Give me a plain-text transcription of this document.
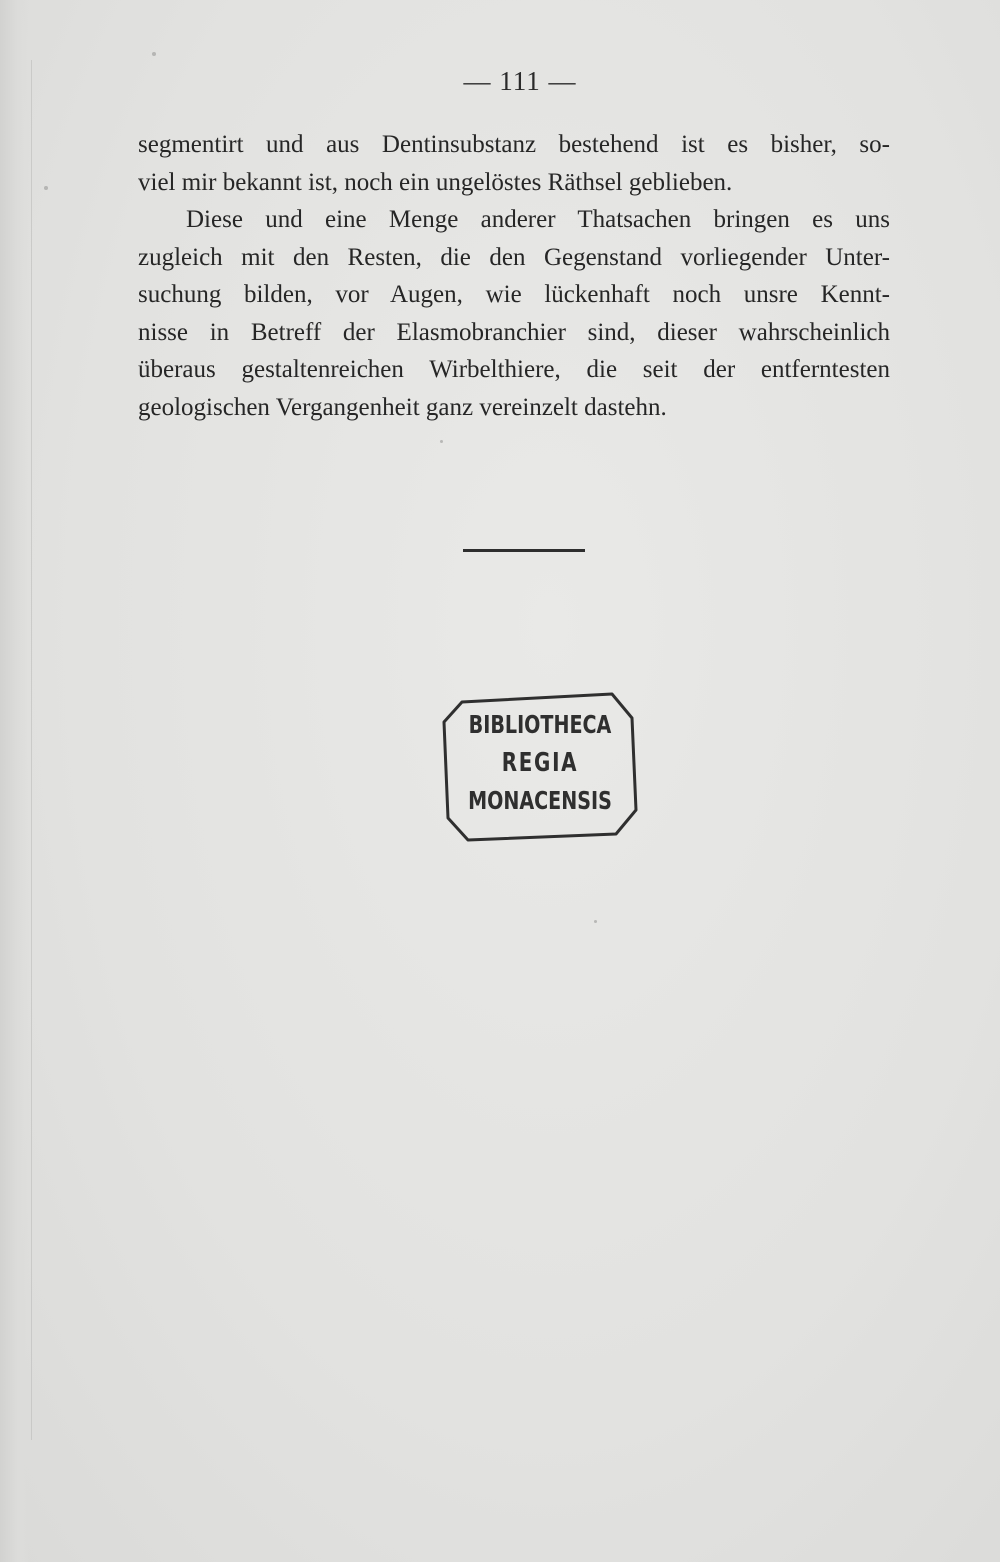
— 111 —

segmentirt und aus Dentinsubstanz bestehend ist es bisher, so-
viel mir bekannt ist, noch ein ungelöstes Räthsel geblieben.

Diese und eine Menge anderer Thatsachen bringen es uns
zugleich mit den Resten, die den Gegenstand vorliegender Unter-
suchung bilden, vor Augen, wie lückenhaft noch unsre Kennt-
nisse in Betreff der Elasmobranchier sind, dieser wahrscheinlich
überaus gestaltenreichen Wirbelthiere, die seit der entferntesten
geologischen Vergangenheit ganz vereinzelt dastehn.

BIBLIOTHECA
REGIA
MONACENSIS
